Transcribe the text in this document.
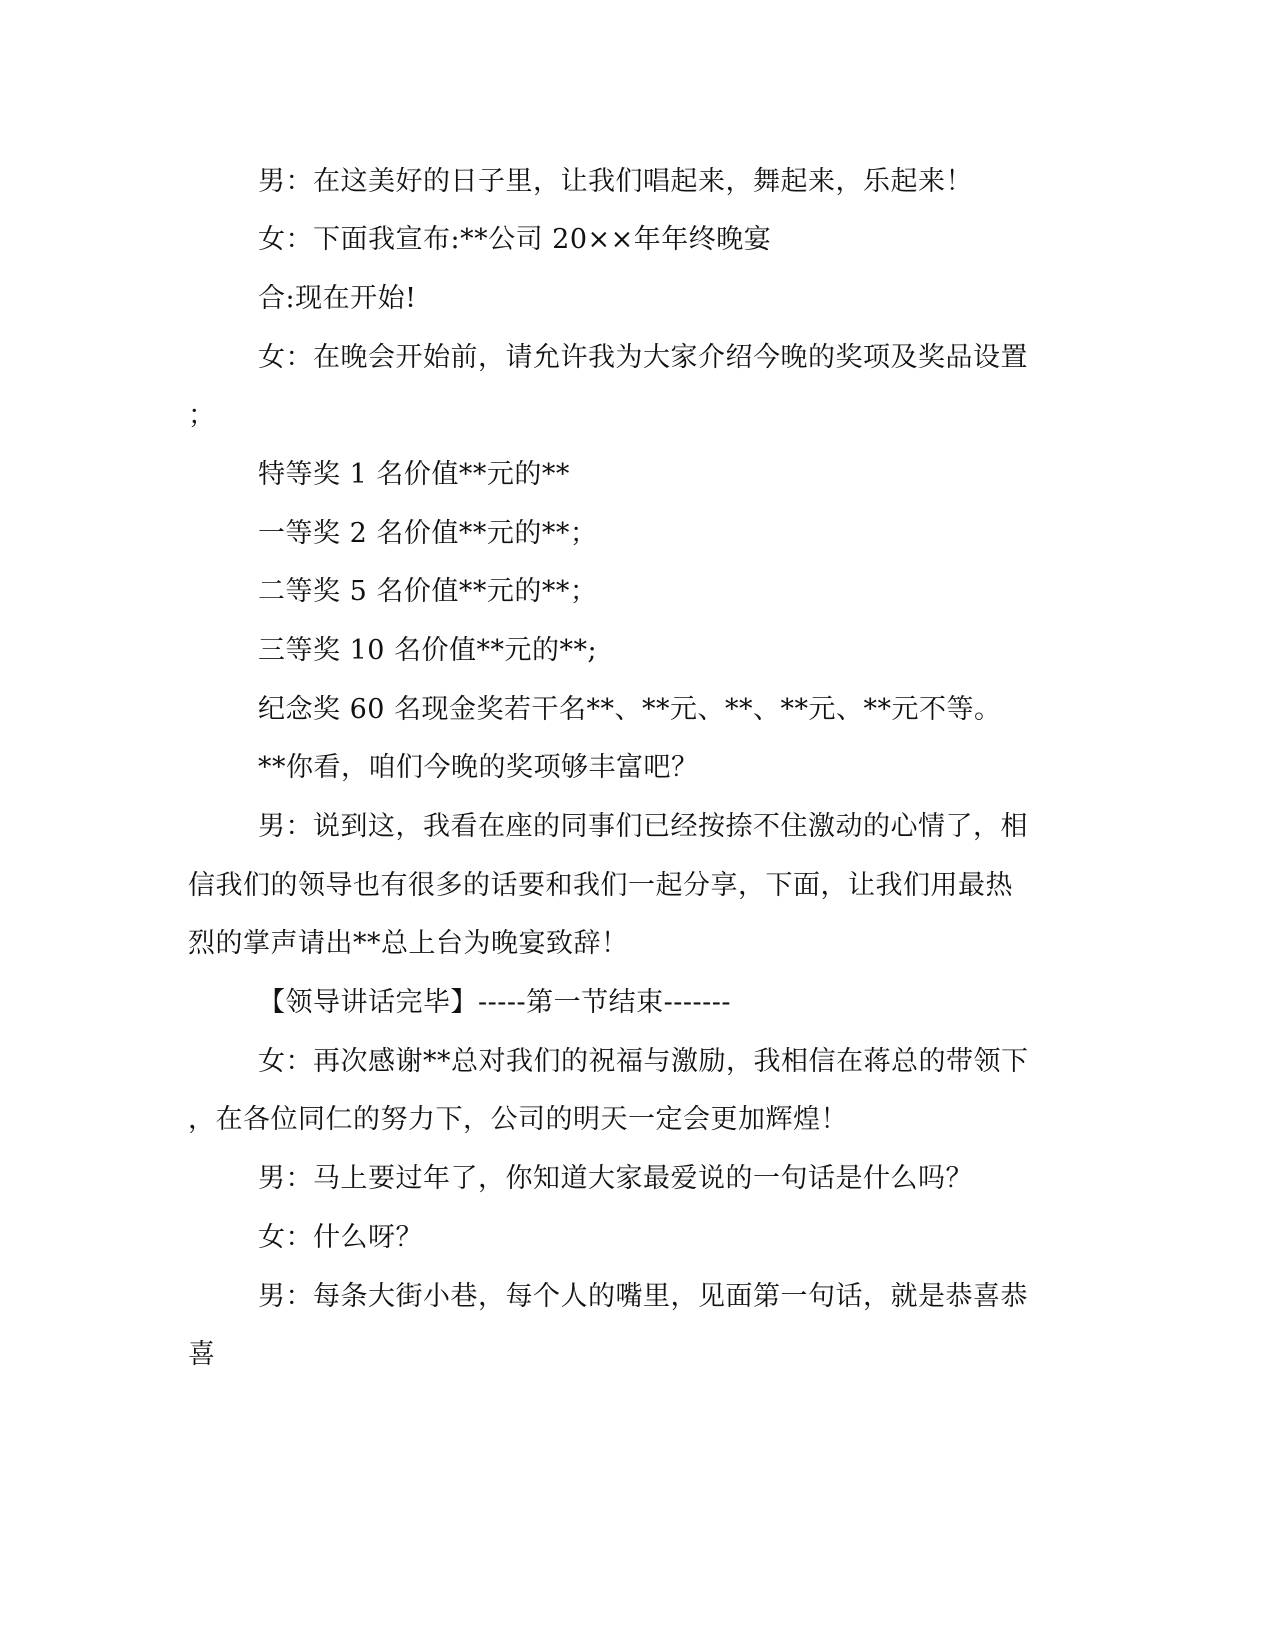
男：在这美好的日子里，让我们唱起来，舞起来，乐起来！
女：下面我宣布:**公司 20××年年终晚宴
合:现在开始!
女：在晚会开始前，请允许我为大家介绍今晚的奖项及奖品设置
；
特等奖 1 名价值**元的**
一等奖 2 名价值**元的**；
二等奖 5 名价值**元的**；
三等奖 10 名价值**元的**;
纪念奖 60 名现金奖若干名**、**元、**、**元、**元不等。
**你看，咱们今晚的奖项够丰富吧？
男：说到这，我看在座的同事们已经按捺不住激动的心情了，相
信我们的领导也有很多的话要和我们一起分享，下面，让我们用最热
烈的掌声请出**总上台为晚宴致辞！
【领导讲话完毕】-----第一节结束-------
女：再次感谢**总对我们的祝福与激励，我相信在蒋总的带领下
，在各位同仁的努力下，公司的明天一定会更加辉煌！
男：马上要过年了，你知道大家最爱说的一句话是什么吗？
女：什么呀？
男：每条大街小巷，每个人的嘴里，见面第一句话，就是恭喜恭
喜
